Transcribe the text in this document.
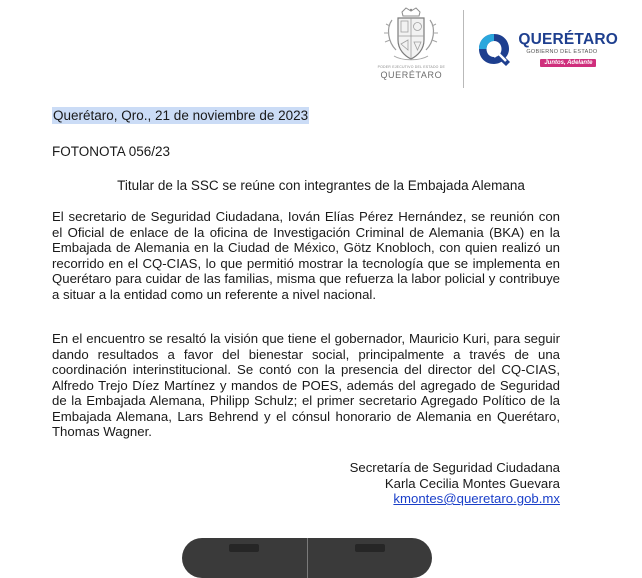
PODER EJECUTIVO DEL ESTADO DE
QUERÉTARO
QUERÉTARO
GOBIERNO DEL ESTADO
Juntos, Adelante
Querétaro, Qro., 21 de noviembre de 2023
FOTONOTA 056/23
Titular de la SSC se reúne con integrantes de la Embajada Alemana

El secretario de Seguridad Ciudadana, Iován Elías Pérez Hernández, se reunión con el Oficial de enlace de la oficina de Investigación Criminal de Alemania (BKA) en la Embajada de Alemania en la Ciudad de México, Götz Knobloch, con quien realizó un recorrido en el CQ-CIAS, lo que permitió mostrar la tecnología que se implementa en Querétaro para cuidar de las familias, misma que refuerza la labor policial y contribuye a situar a la entidad como un referente a nivel nacional.

En el encuentro se resaltó la visión que tiene el gobernador, Mauricio Kuri, para seguir dando resultados a favor del bienestar social, principalmente a través de una coordinación interinstitucional. Se contó con la presencia del director del CQ-CIAS, Alfredo Trejo Díez Martínez y mandos de POES, además del agregado de Seguridad de la Embajada Alemana, Philipp Schulz; el primer secretario Agregado Político de la Embajada Alemana, Lars Behrend y el cónsul honorario de Alemania en Querétaro, Thomas Wagner.

Secretaría de Seguridad Ciudadana
Karla Cecilia Montes Guevara
kmontes@queretaro.gob.mx
